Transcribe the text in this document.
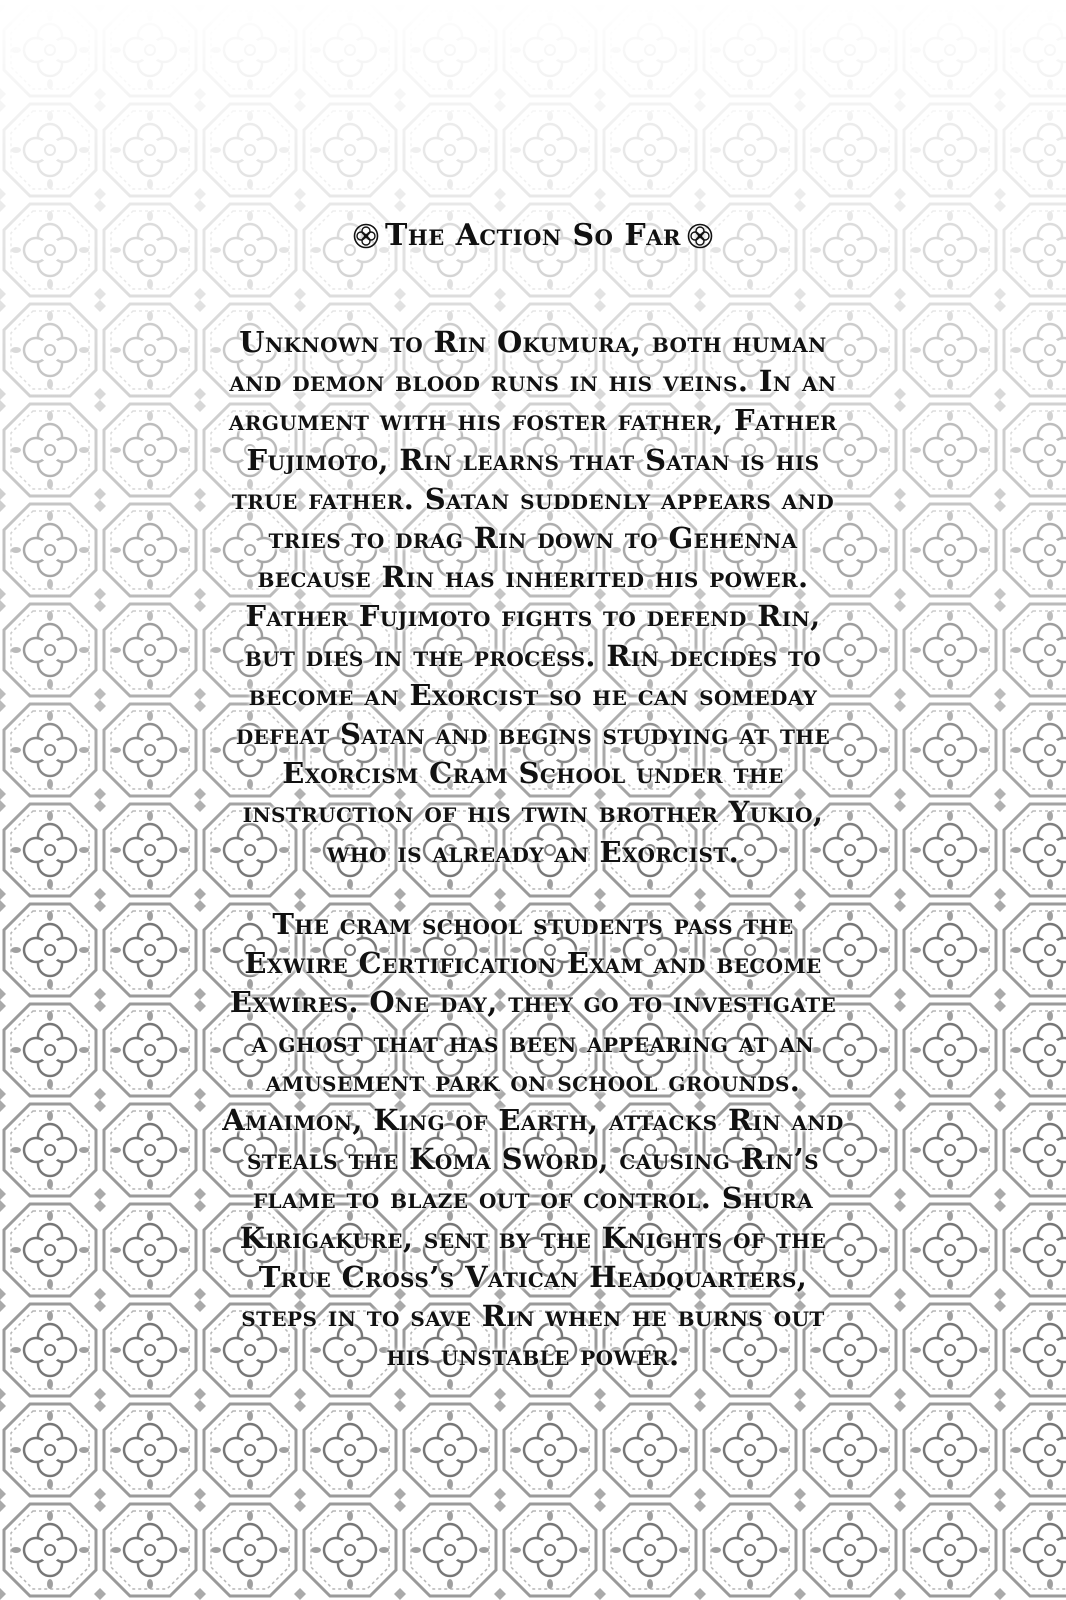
The Action So Far

Unknown to Rin Okumura, both human
and demon blood runs in his veins. In an
argument with his foster father, Father
Fujimoto, Rin learns that Satan is his
true father. Satan suddenly appears and
tries to drag Rin down to Gehenna
because Rin has inherited his power.
Father Fujimoto fights to defend Rin,
but dies in the process. Rin decides to
become an Exorcist so he can someday
defeat Satan and begins studying at the
Exorcism Cram School under the
instruction of his twin brother Yukio,
who is already an Exorcist.

The cram school students pass the
Exwire Certification Exam and become
Exwires. One day, they go to investigate
a ghost that has been appearing at an
amusement park on school grounds.
Amaimon, King of Earth, attacks Rin and
steals the Koma Sword, causing Rin’s
flame to blaze out of control. Shura
Kirigakure, sent by the Knights of the
True Cross’s Vatican Headquarters,
steps in to save Rin when he burns out
his unstable power.
